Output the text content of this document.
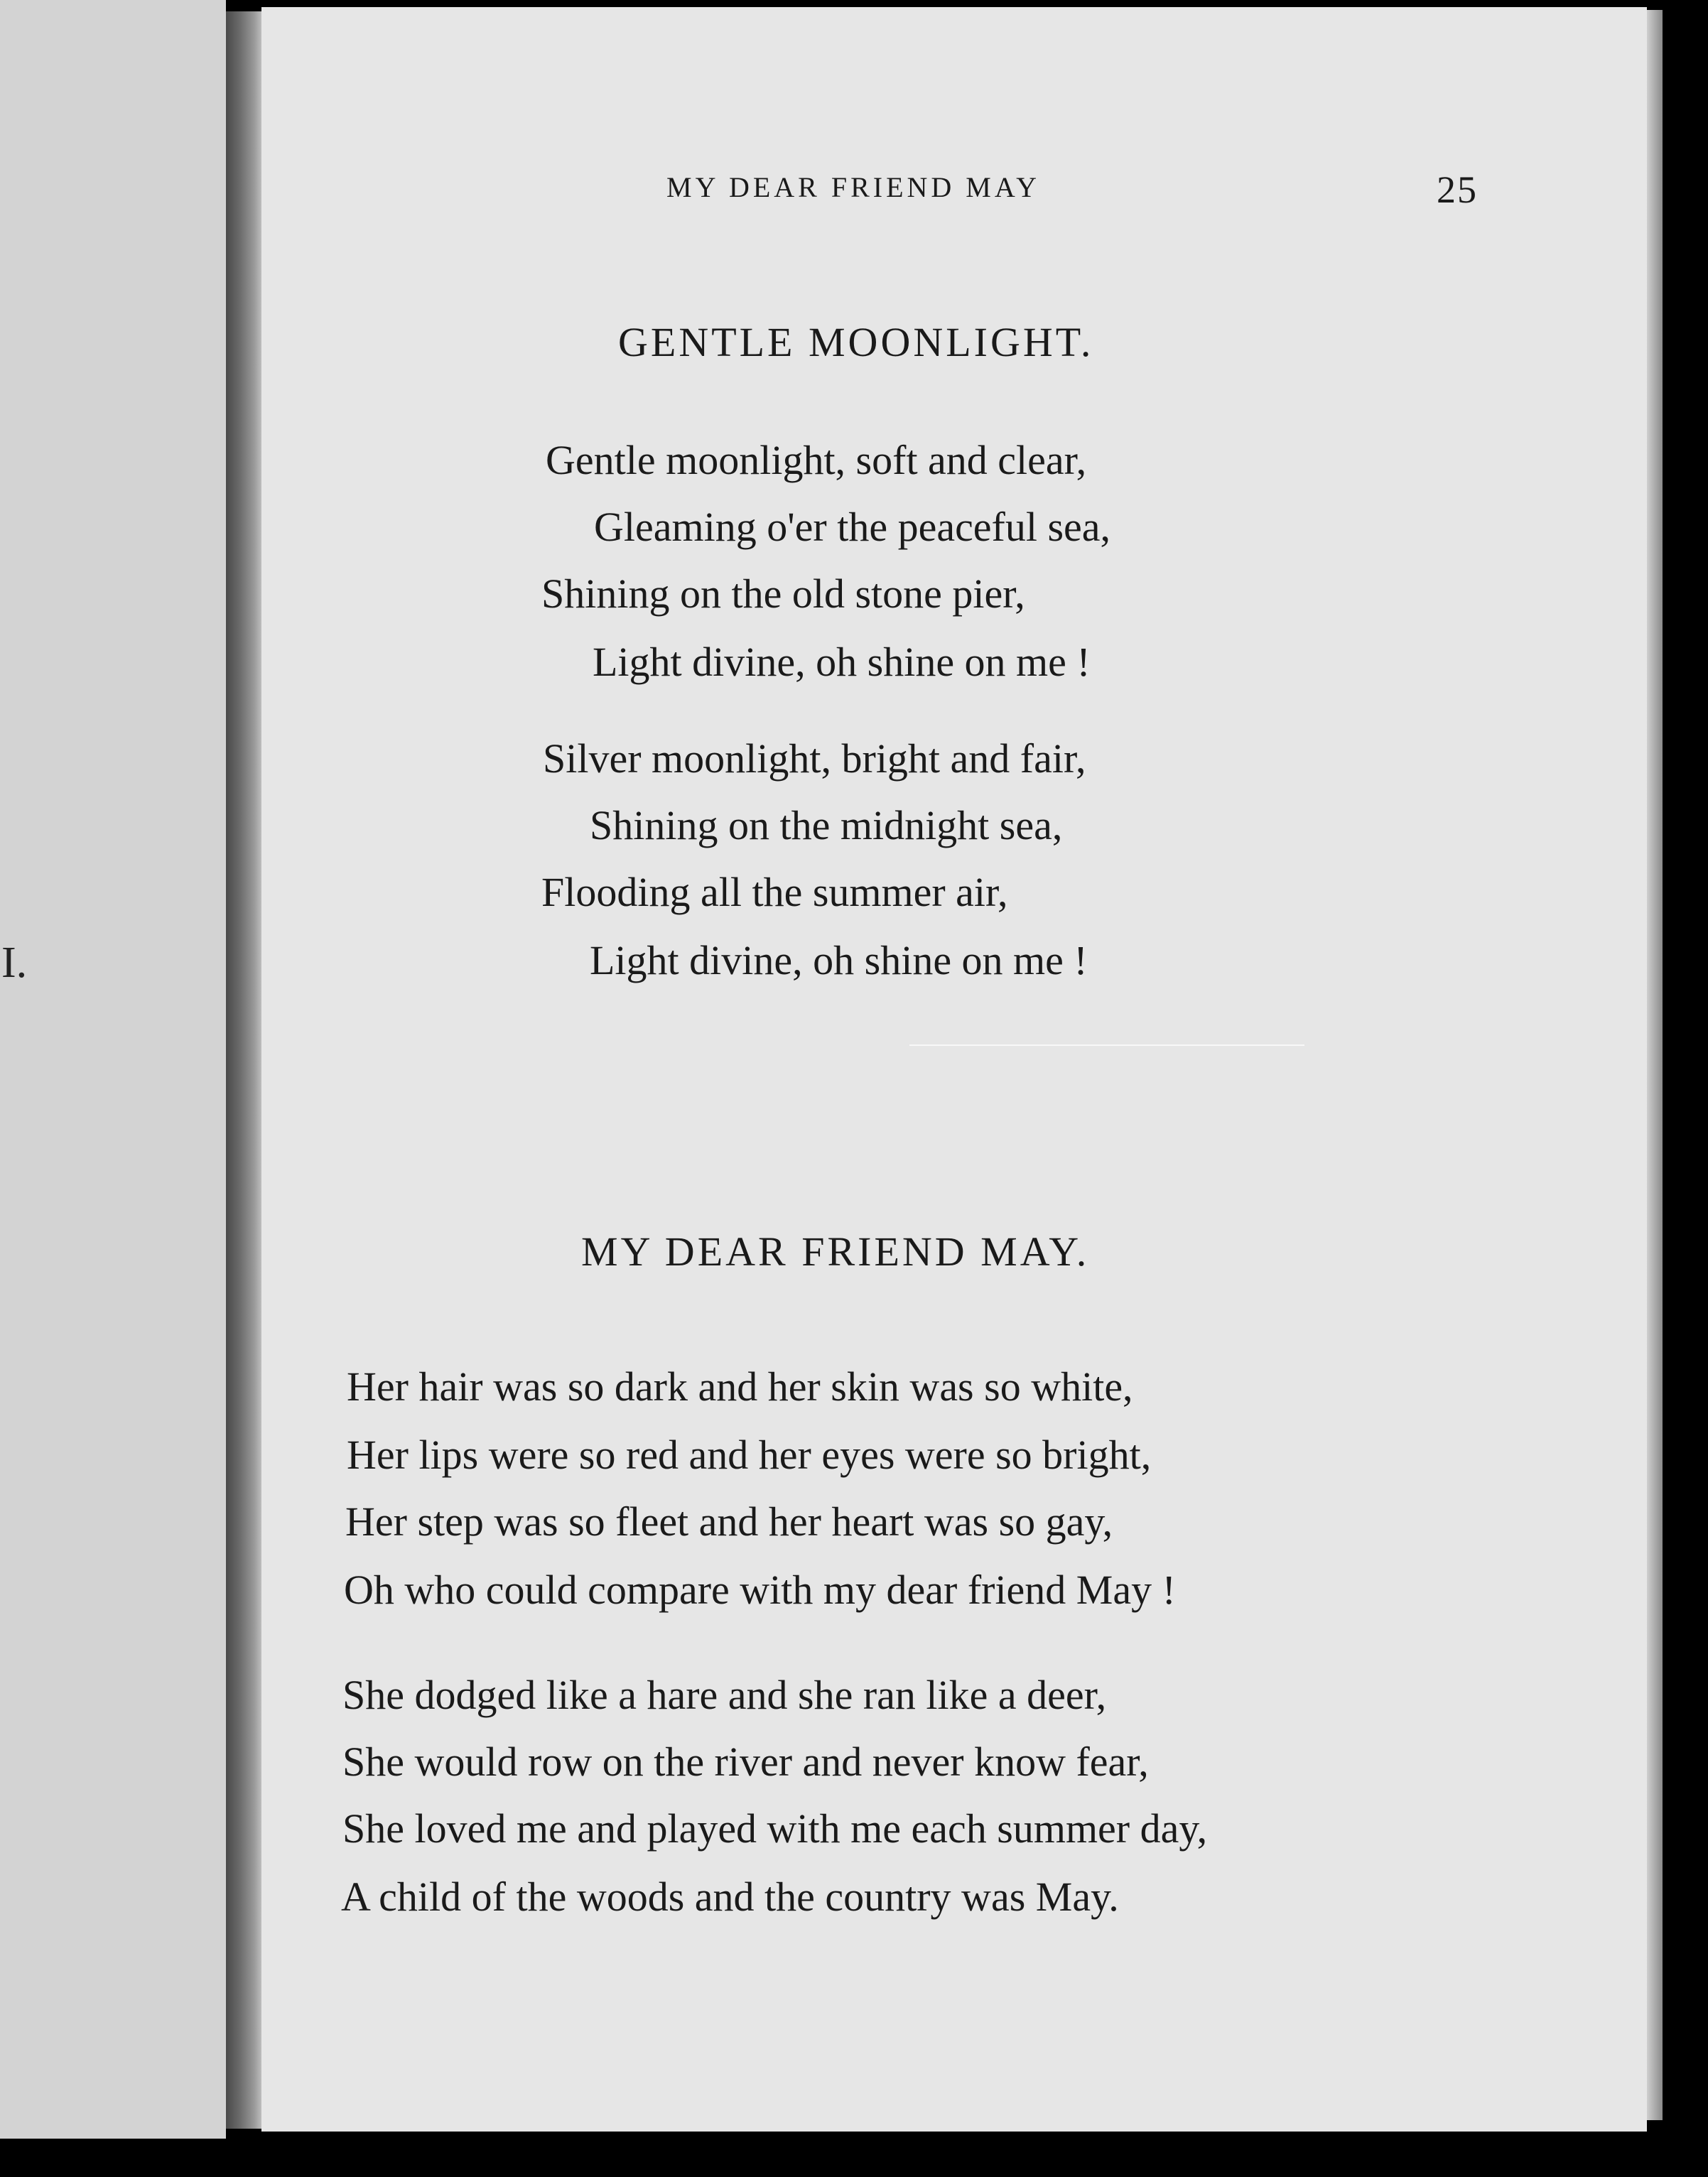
I.
MY DEAR FRIEND MAY	25
GENTLE MOONLIGHT.
Gentle moonlight, soft and clear,
Gleaming o'er the peaceful sea,
Shining on the old stone pier,
Light divine, oh shine on me !
Silver moonlight, bright and fair,
Shining on the midnight sea,
Flooding all the summer air,
Light divine, oh shine on me !
MY DEAR FRIEND MAY.
Her hair was so dark and her skin was so white,
Her lips were so red and her eyes were so bright,
Her step was so fleet and her heart was so gay,
Oh who could compare with my dear friend May !
She dodged like a hare and she ran like a deer,
She would row on the river and never know fear,
She loved me and played with me each summer day,
A child of the woods and the country was May.
